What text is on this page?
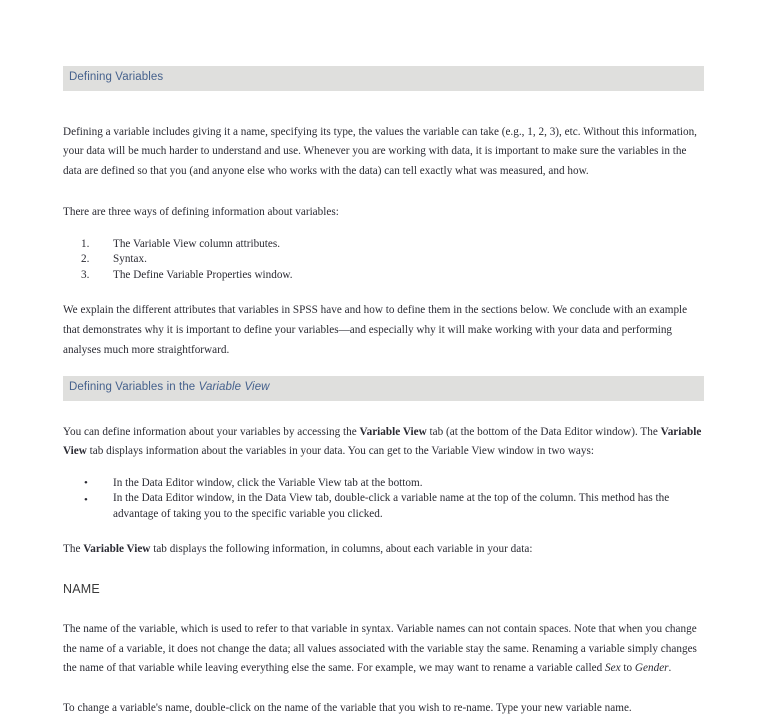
Defining Variables

Defining a variable includes giving it a name, specifying its type, the values the variable can take (e.g., 1, 2, 3), etc. Without this information, your data will be much harder to understand and use. Whenever you are working with data, it is important to make sure the variables in the data are defined so that you (and anyone else who works with the data) can tell exactly what was measured, and how.

There are three ways of defining information about variables:

The Variable View column attributes.
Syntax.
The Define Variable Properties window.

We explain the different attributes that variables in SPSS have and how to define them in the sections below. We conclude with an example that demonstrates why it is important to define your variables—and especially why it will make working with your data and performing analyses much more straightforward.

Defining Variables in the Variable View

You can define information about your variables by accessing the Variable View tab (at the bottom of the Data Editor window). The Variable View tab displays information about the variables in your data. You can get to the Variable View window in two ways:

• In the Data Editor window, click the Variable View tab at the bottom.
• In the Data Editor window, in the Data View tab, double-click a variable name at the top of the column. This method has the advantage of taking you to the specific variable you clicked.

The Variable View tab displays the following information, in columns, about each variable in your data:

NAME

The name of the variable, which is used to refer to that variable in syntax. Variable names can not contain spaces. Note that when you change the name of a variable, it does not change the data; all values associated with the variable stay the same. Renaming a variable simply changes the name of that variable while leaving everything else the same. For example, we may want to rename a variable called Sex to Gender.

To change a variable's name, double-click on the name of the variable that you wish to re-name. Type your new variable name.
